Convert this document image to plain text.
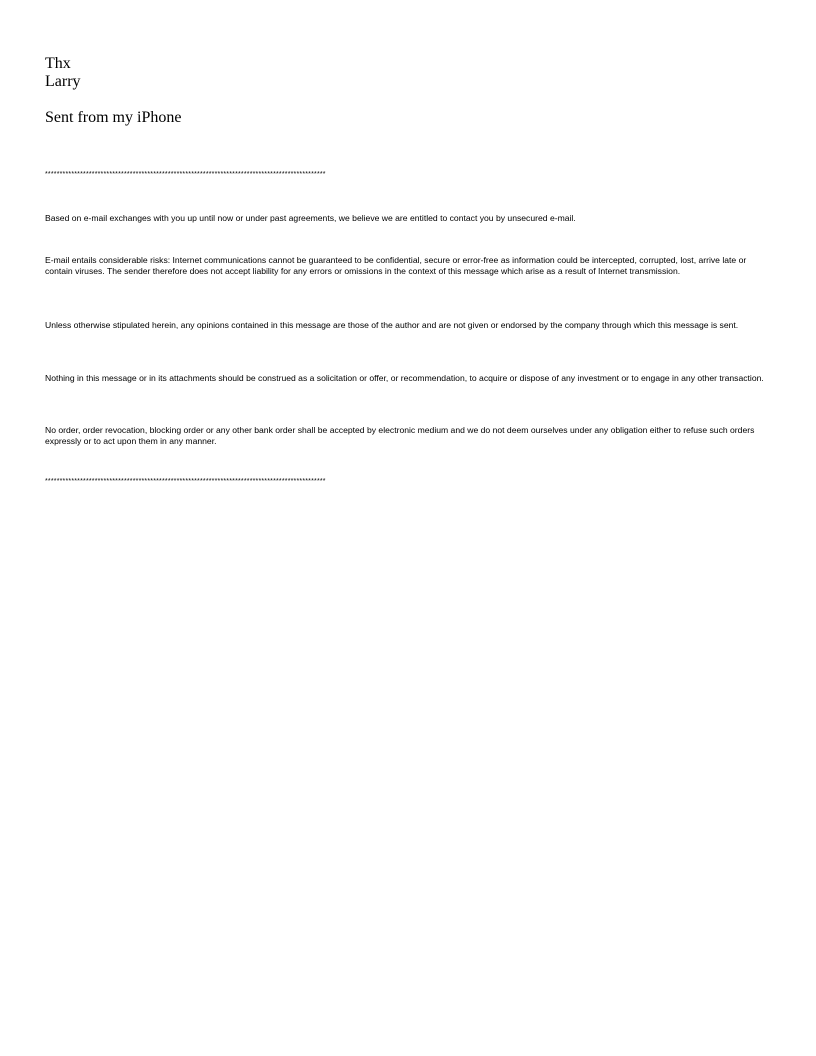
Thx

Larry

Sent from my iPhone

************************************************************************************************

Based on e-mail exchanges with you up until now or under past agreements, we believe we are entitled to contact you by unsecured e-mail.

E-mail entails considerable risks: Internet communications cannot be guaranteed to be confidential, secure or error-free as information could be intercepted, corrupted, lost, arrive late or contain viruses. The sender therefore does not accept liability for any errors or omissions in the context of this message which arise as a result of Internet transmission.

Unless otherwise stipulated herein, any opinions contained in this message are those of the author and are not given or endorsed by the company through which this message is sent.

Nothing in this message or in its attachments should be construed as a solicitation or offer, or recommendation, to acquire or dispose of any investment or to engage in any other transaction.

No order, order revocation, blocking order or any other bank order shall be accepted by electronic medium and we do not deem ourselves under any obligation either to refuse such orders expressly or to act upon them in any manner.

************************************************************************************************
